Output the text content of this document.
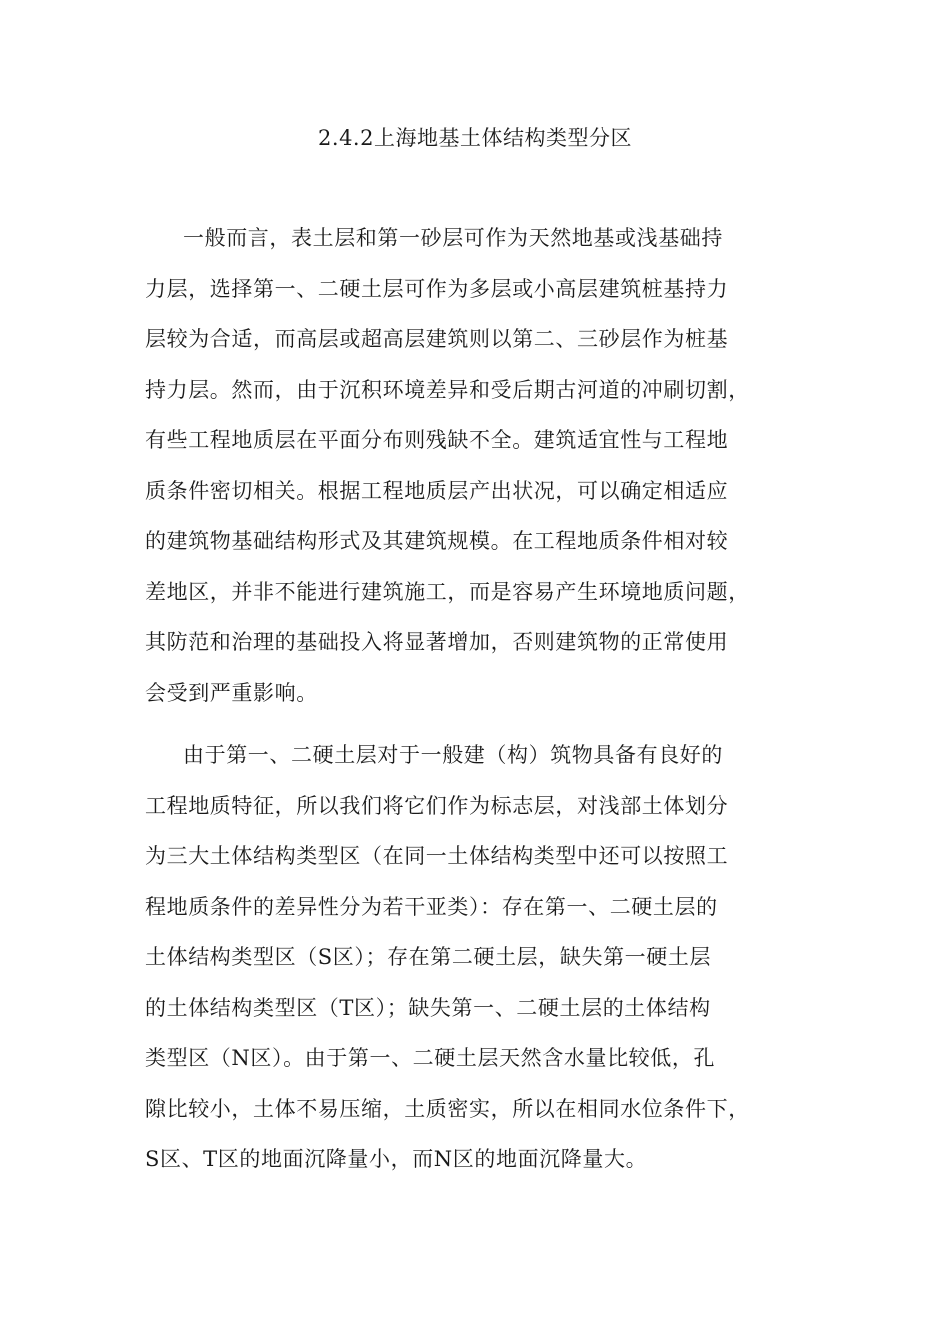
2.4.2上海地基土体结构类型分区

一般而言，表土层和第一砂层可作为天然地基或浅基础持
力层，选择第一、二硬土层可作为多层或小高层建筑桩基持力
层较为合适，而高层或超高层建筑则以第二、三砂层作为桩基
持力层。然而，由于沉积环境差异和受后期古河道的冲刷切割，
有些工程地质层在平面分布则残缺不全。建筑适宜性与工程地
质条件密切相关。根据工程地质层产出状况，可以确定相适应
的建筑物基础结构形式及其建筑规模。在工程地质条件相对较
差地区，并非不能进行建筑施工，而是容易产生环境地质问题，
其防范和治理的基础投入将显著增加，否则建筑物的正常使用
会受到严重影响。

由于第一、二硬土层对于一般建（构）筑物具备有良好的
工程地质特征，所以我们将它们作为标志层，对浅部土体划分
为三大土体结构类型区（在同一土体结构类型中还可以按照工
程地质条件的差异性分为若干亚类）：存在第一、二硬土层的
土体结构类型区（S区）；存在第二硬土层，缺失第一硬土层
的土体结构类型区（T区）；缺失第一、二硬土层的土体结构
类型区（N区）。由于第一、二硬土层天然含水量比较低，孔
隙比较小，土体不易压缩，土质密实，所以在相同水位条件下，
S区、T区的地面沉降量小，而N区的地面沉降量大。
